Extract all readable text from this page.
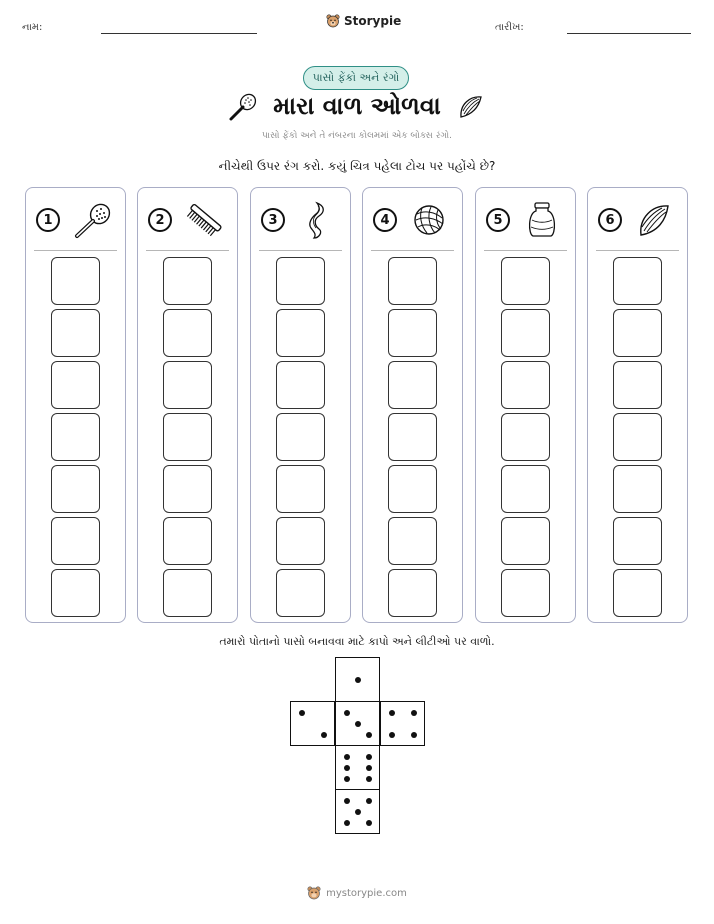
નામ:	Storypie	તારીખ:
પાસો ફેંકો અને રંગો
મારા વાળ ઓળવા
પાસો ફેંકો અને તે નંબરના કોલમમાં એક બોક્સ રંગો.
નીચેથી ઉપર રંગ કરો. કયું ચિત્ર પહેલા ટોચ પર પહોંચે છે?
1	2	3	4	5	6
તમારો પોતાનો પાસો બનાવવા માટે કાપો અને લીટીઓ પર વાળો.
mystorypie.com
